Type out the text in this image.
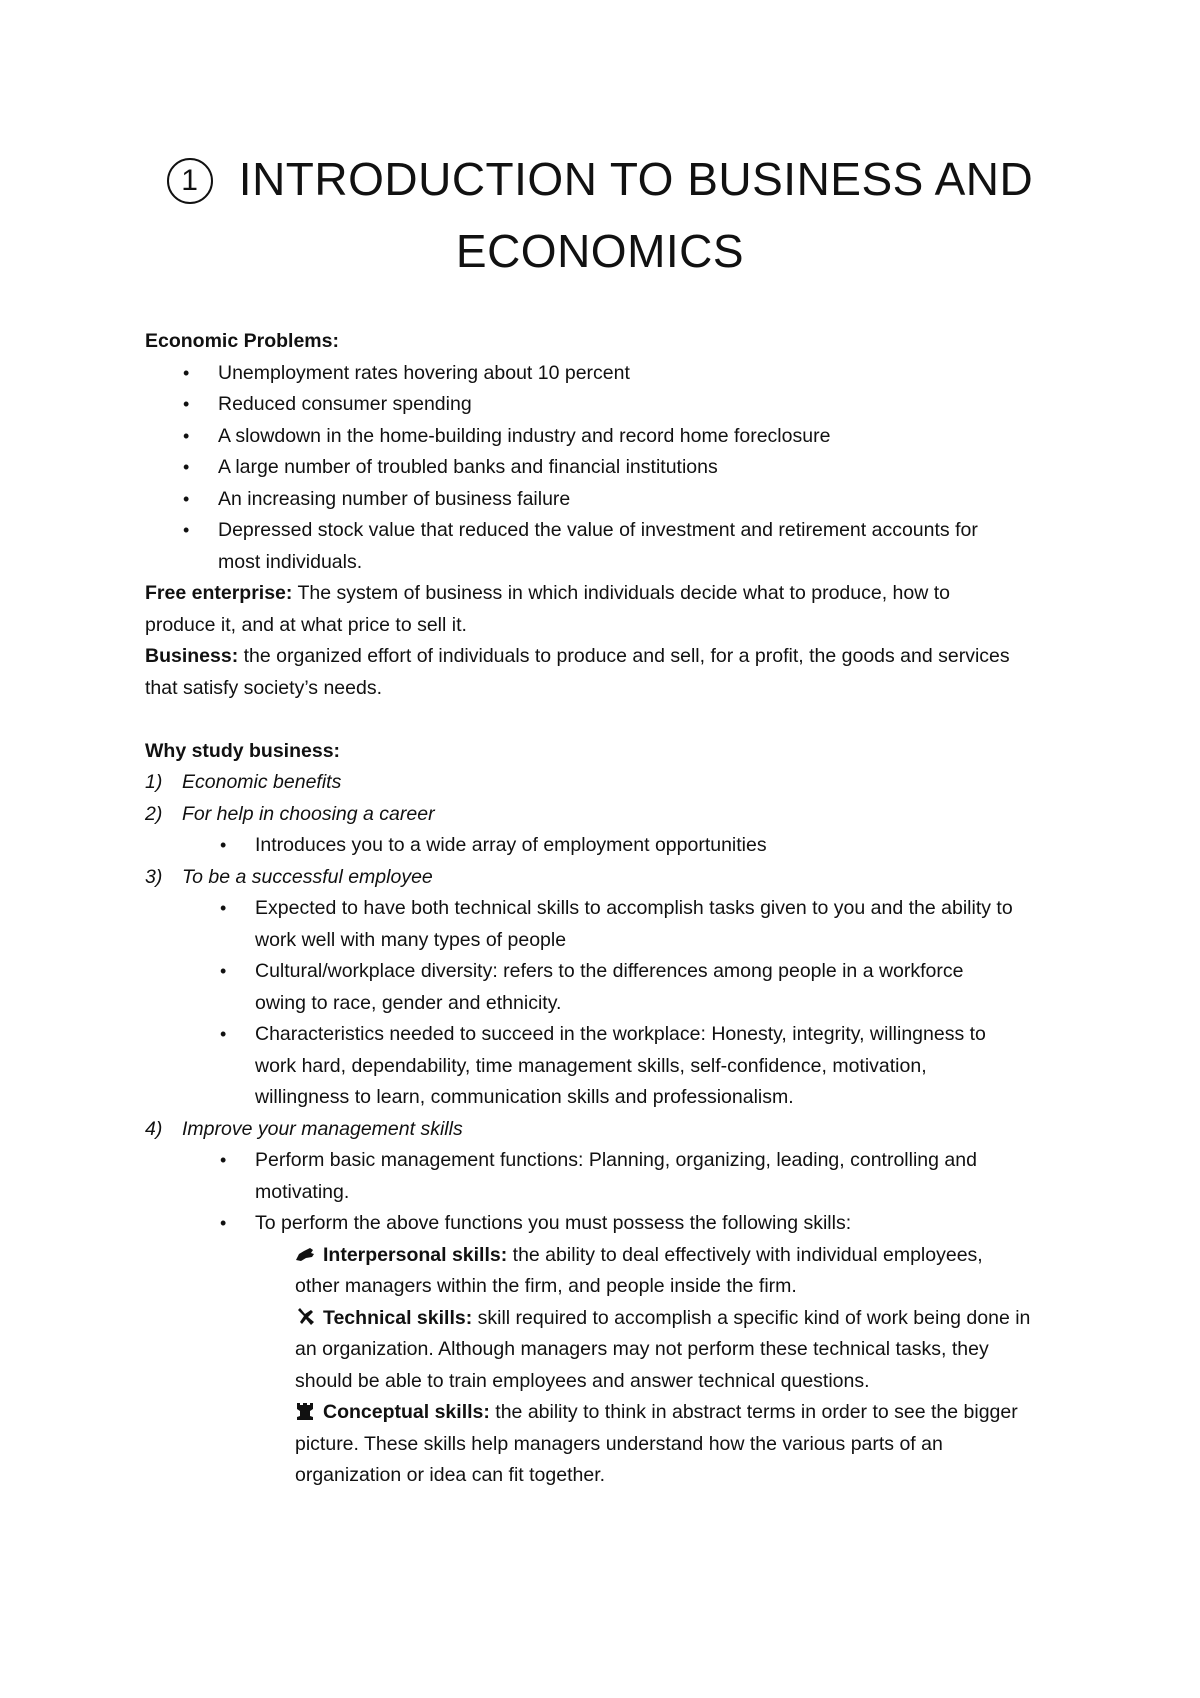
1 INTRODUCTION TO BUSINESS AND
ECONOMICS

Economic Problems:

• Unemployment rates hovering about 10 percent
• Reduced consumer spending
• A slowdown in the home-building industry and record home foreclosure
• A large number of troubled banks and financial institutions
• An increasing number of business failure
• Depressed stock value that reduced the value of investment and retirement accounts for
most individuals.

Free enterprise: The system of business in which individuals decide what to produce, how to

produce it, and at what price to sell it.

Business: the organized effort of individuals to produce and sell, for a profit, the goods and services

that satisfy society’s needs.

Why study business:

1) Economic benefits
2) For help in choosing a career
• Introduces you to a wide array of employment opportunities
3) To be a successful employee
• Expected to have both technical skills to accomplish tasks given to you and the ability to
work well with many types of people
• Cultural/workplace diversity: refers to the differences among people in a workforce
owing to race, gender and ethnicity.
• Characteristics needed to succeed in the workplace: Honesty, integrity, willingness to
work hard, dependability, time management skills, self-confidence, motivation,
willingness to learn, communication skills and professionalism.
4) Improve your management skills
• Perform basic management functions: Planning, organizing, leading, controlling and
motivating.
• To perform the above functions you must possess the following skills:
Interpersonal skills: the ability to deal effectively with individual employees,
other managers within the firm, and people inside the firm.
Technical skills: skill required to accomplish a specific kind of work being done in
an organization. Although managers may not perform these technical tasks, they
should be able to train employees and answer technical questions.
Conceptual skills: the ability to think in abstract terms in order to see the bigger
picture. These skills help managers understand how the various parts of an
organization or idea can fit together.
